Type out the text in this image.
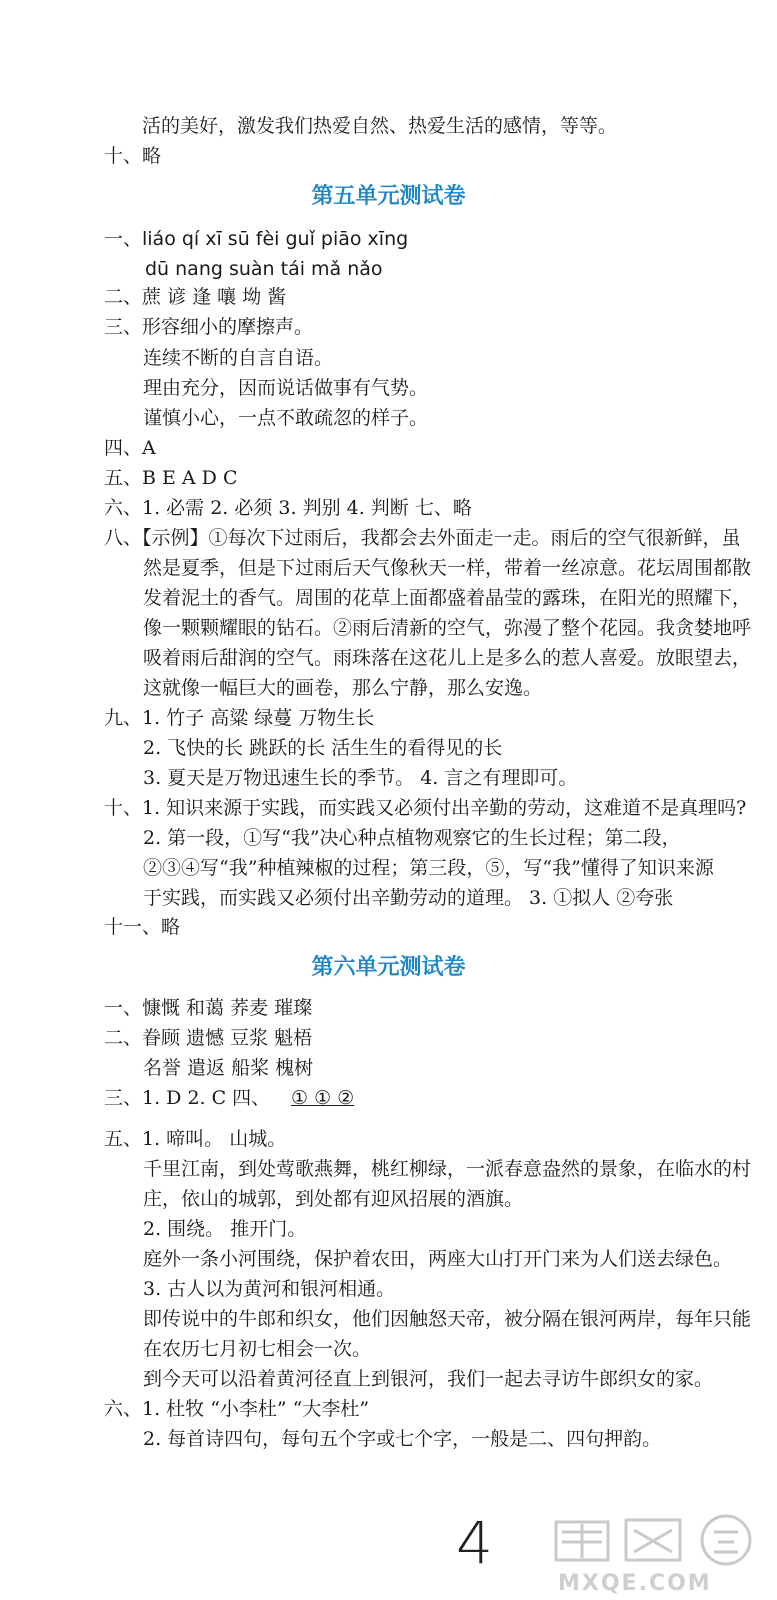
活的美好，激发我们热爱自然、热爱生活的感情，等等。
十、略
第五单元测试卷
一、liáo qí xī sū fèi guǐ piāo xīng
dū nang suàn tái mǎ nǎo
二、蔗 谚 逢 嚷 坳 酱
三、形容细小的摩擦声。
连续不断的自言自语。
理由充分，因而说话做事有气势。
谨慎小心，一点不敢疏忽的样子。
四、A
五、B E A D C
六、1. 必需 2. 必须 3. 判别 4. 判断 七、略
八、【示例】①每次下过雨后，我都会去外面走一走。雨后的空气很新鲜，虽
然是夏季，但是下过雨后天气像秋天一样，带着一丝凉意。花坛周围都散
发着泥土的香气。周围的花草上面都盛着晶莹的露珠，在阳光的照耀下，
像一颗颗耀眼的钻石。②雨后清新的空气，弥漫了整个花园。我贪婪地呼
吸着雨后甜润的空气。雨珠落在这花儿上是多么的惹人喜爱。放眼望去，
这就像一幅巨大的画卷，那么宁静，那么安逸。
九、1. 竹子 高粱 绿蔓 万物生长
2. 飞快的长 跳跃的长 活生生的看得见的长
3. 夏天是万物迅速生长的季节。 4. 言之有理即可。
十、1. 知识来源于实践，而实践又必须付出辛勤的劳动，这难道不是真理吗?
2. 第一段，①写“我”决心种点植物观察它的生长过程；第二段，
②③④写“我”种植辣椒的过程；第三段，⑤，写“我”懂得了知识来源
于实践，而实践又必须付出辛勤劳动的道理。 3. ①拟人 ②夸张
十一、略
第六单元测试卷
一、慷慨 和蔼 荞麦 璀璨
二、眷顾 遗憾 豆浆 魁梧
名誉 遣返 船桨 槐树
三、1. D 2. C 四、 ① ① ②
五、1. 啼叫。 山城。
千里江南，到处莺歌燕舞，桃红柳绿，一派春意盎然的景象，在临水的村
庄，依山的城郭，到处都有迎风招展的酒旗。
2. 围绕。 推开门。
庭外一条小河围绕，保护着农田，两座大山打开门来为人们送去绿色。
3. 古人以为黄河和银河相通。
即传说中的牛郎和织女，他们因触怒天帝，被分隔在银河两岸，每年只能
在农历七月初七相会一次。
到今天可以沿着黄河径直上到银河，我们一起去寻访牛郎织女的家。
六、1. 杜牧 “小李杜” “大李杜”
2. 每首诗四句，每句五个字或七个字，一般是二、四句押韵。
4
MXQE.COM
